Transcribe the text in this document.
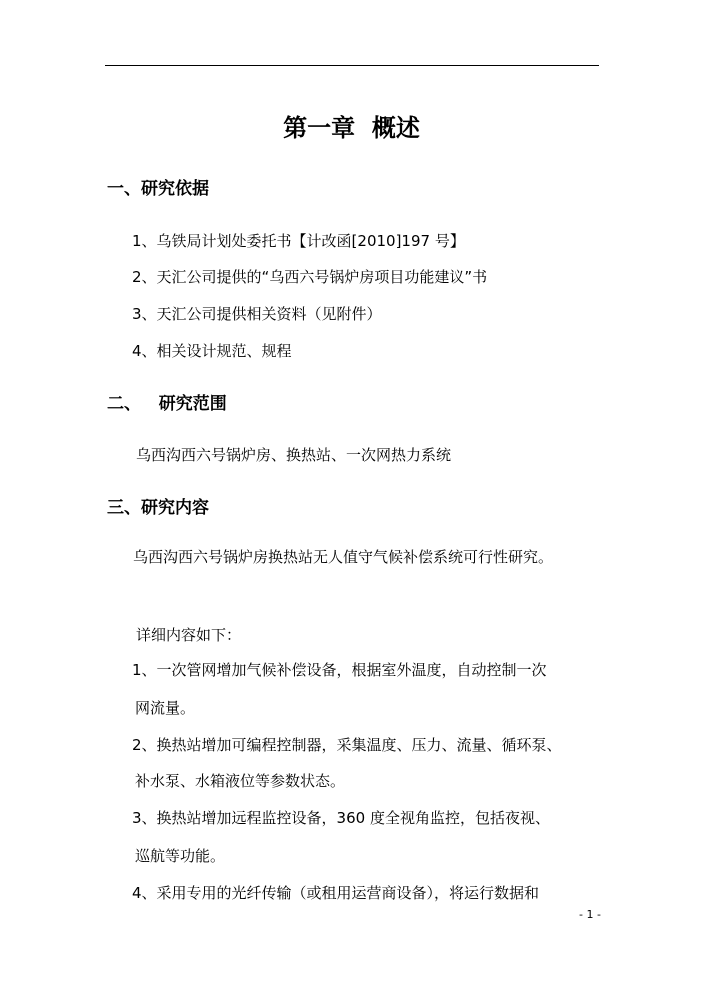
第一章  概述
一、研究依据
1、乌铁局计划处委托书【计改函[2010]197 号】
2、天汇公司提供的“乌西六号锅炉房项目功能建议”书
3、天汇公司提供相关资料（见附件）
4、相关设计规范、规程
二、   研究范围
乌西沟西六号锅炉房、换热站、一次网热力系统
三、研究内容
乌西沟西六号锅炉房换热站无人值守气候补偿系统可行性研究。
详细内容如下：
1、一次管网增加气候补偿设备，根据室外温度，自动控制一次
网流量。
2、换热站增加可编程控制器，采集温度、压力、流量、循环泵、
补水泵、水箱液位等参数状态。
3、换热站增加远程监控设备，360 度全视角监控，包括夜视、
巡航等功能。
4、采用专用的光纤传输（或租用运营商设备），将运行数据和
- 1 -
